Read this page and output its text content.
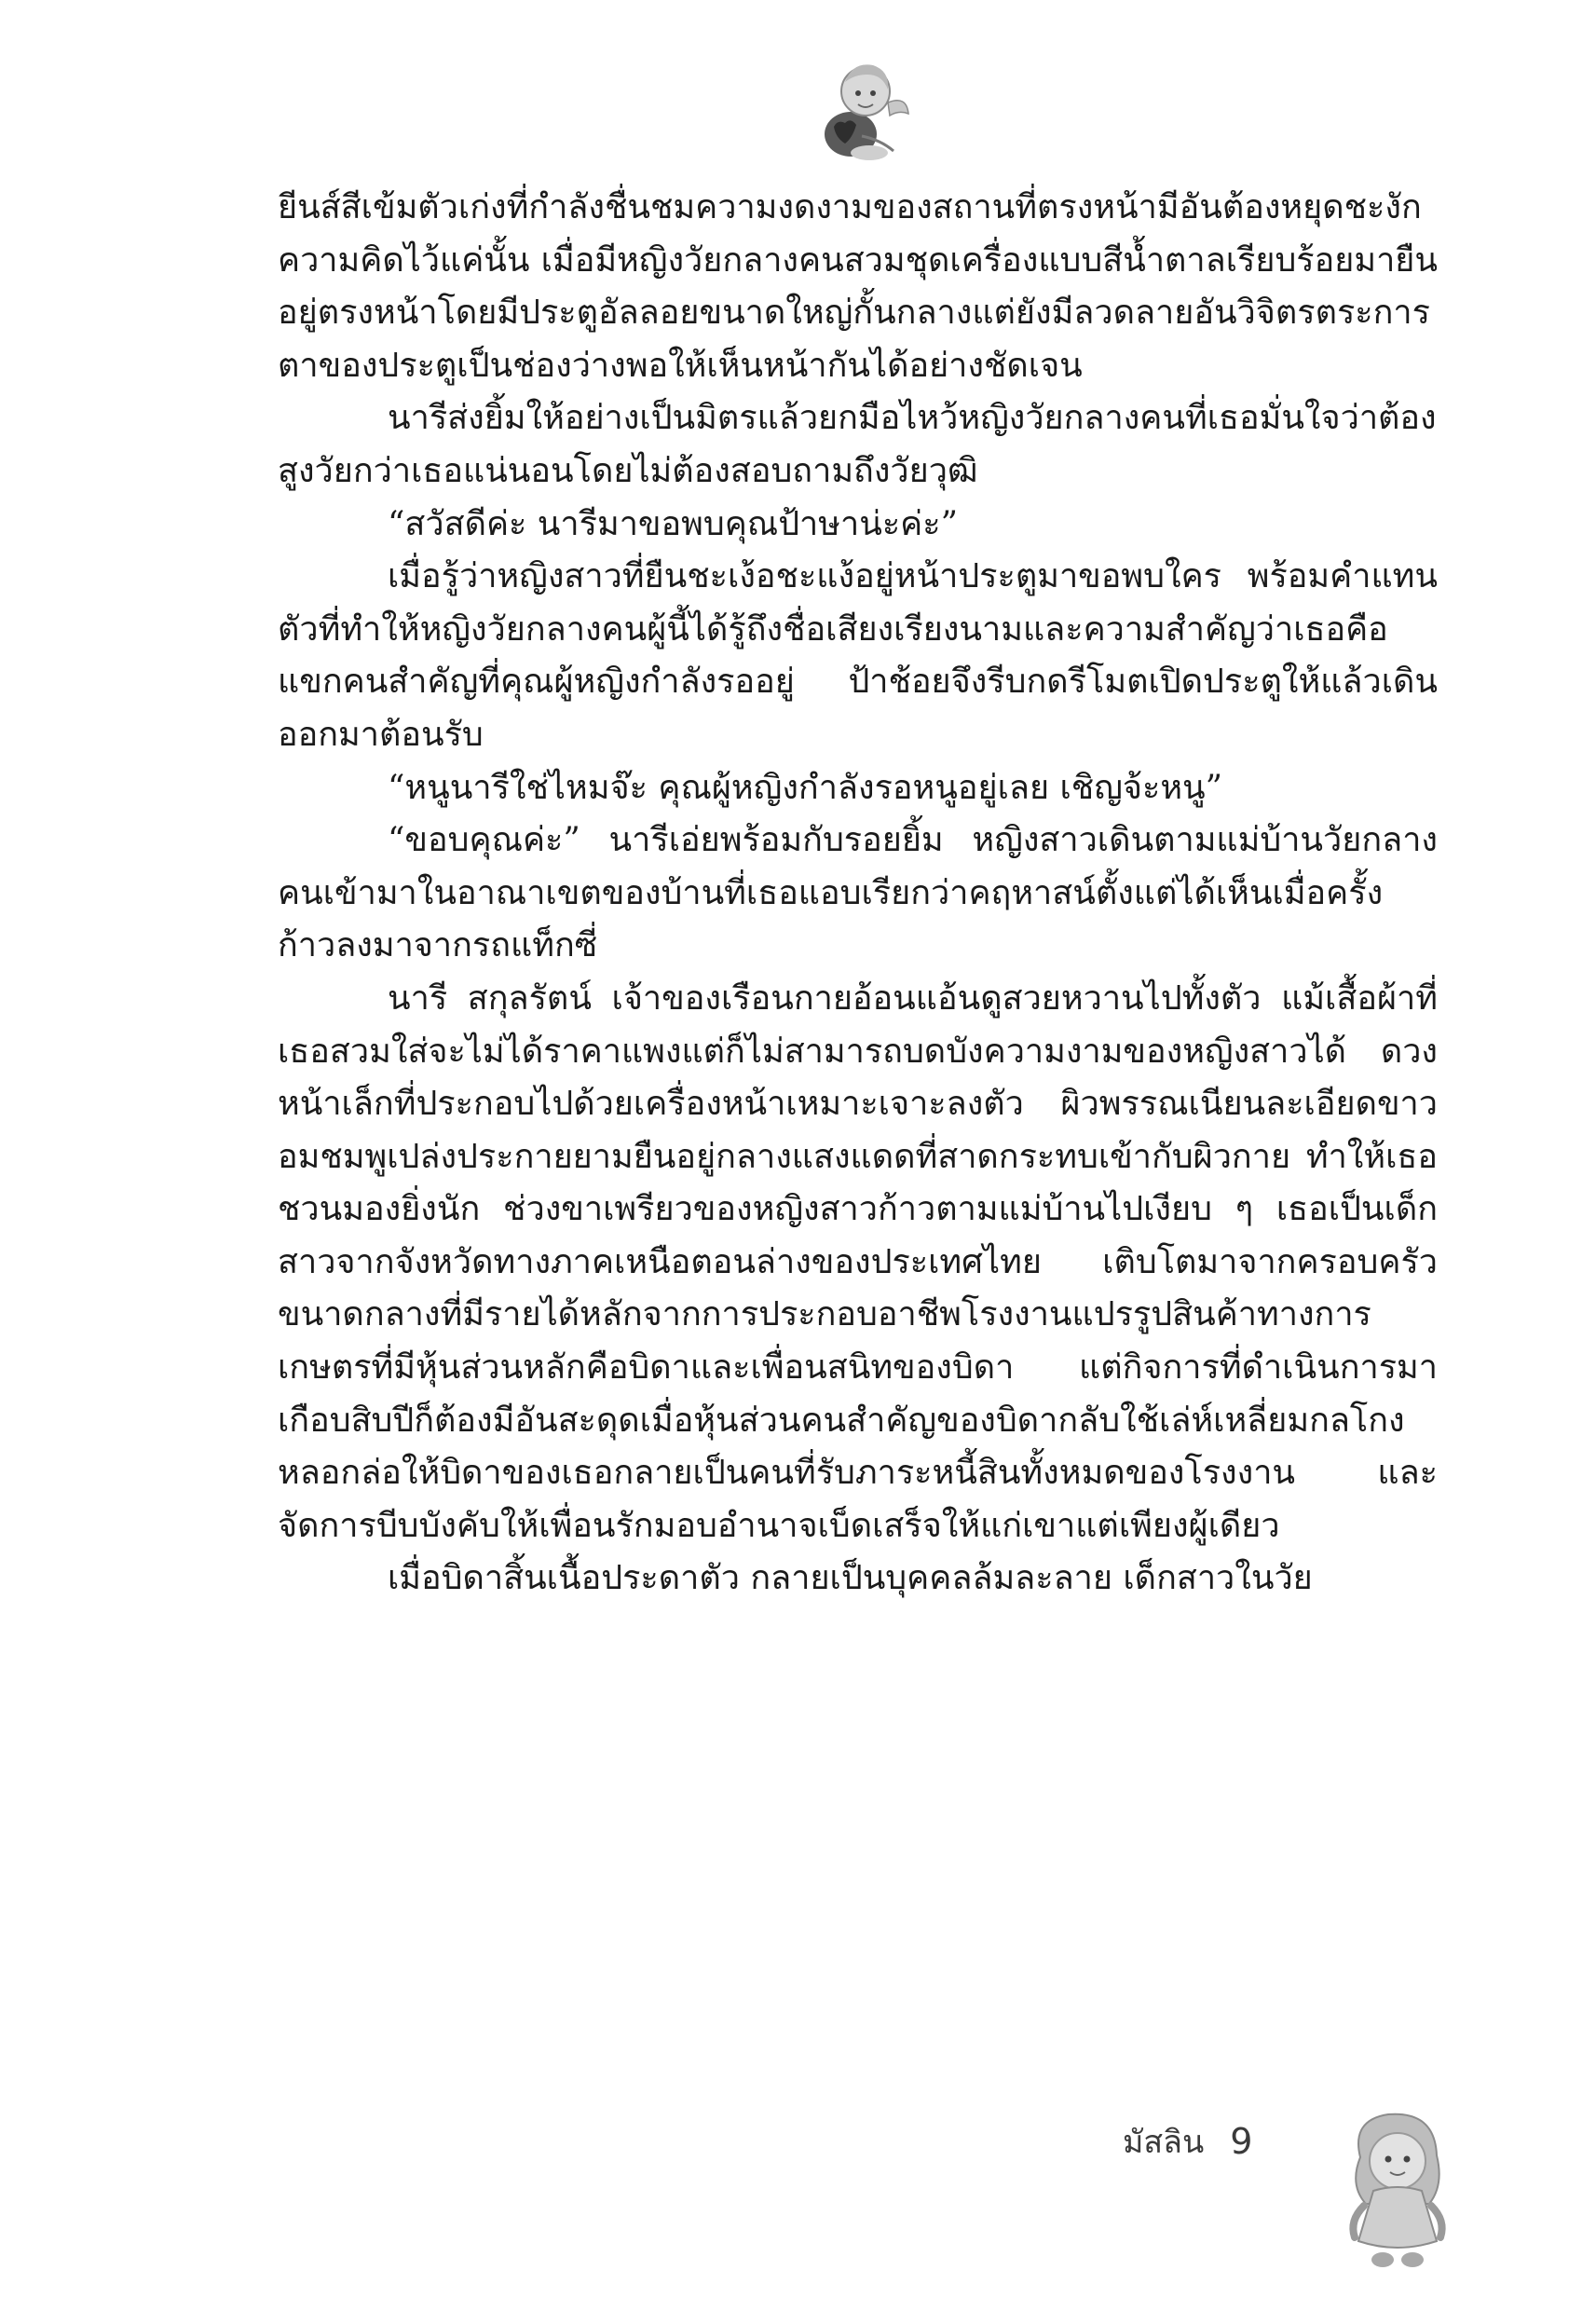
ยีนส์สีเข้มตัวเก่งที่กำลังชื่นชมความงดงามของสถานที่ตรงหน้ามีอันต้องหยุดชะงักความคิดไว้แค่นั้น เมื่อมีหญิงวัยกลางคนสวมชุดเครื่องแบบสีน้ำตาลเรียบร้อยมายืนอยู่ตรงหน้าโดยมีประตูอัลลอยขนาดใหญ่กั้นกลางแต่ยังมีลวดลายอันวิจิตรตระการตาของประตูเป็นช่องว่างพอให้เห็นหน้ากันได้อย่างชัดเจน

นารีส่งยิ้มให้อย่างเป็นมิตรแล้วยกมือไหว้หญิงวัยกลางคนที่เธอมั่นใจว่าต้องสูงวัยกว่าเธอแน่นอนโดยไม่ต้องสอบถามถึงวัยวุฒิ

“สวัสดีค่ะ นารีมาขอพบคุณป้าษาน่ะค่ะ”

เมื่อรู้ว่าหญิงสาวที่ยืนชะเง้อชะแง้อยู่หน้าประตูมาขอพบใคร พร้อมคำแทนตัวที่ทำให้หญิงวัยกลางคนผู้นี้ได้รู้ถึงชื่อเสียงเรียงนามและความสำคัญว่าเธอคือแขกคนสำคัญที่คุณผู้หญิงกำลังรออยู่ ป้าช้อยจึงรีบกดรีโมตเปิดประตูให้แล้วเดินออกมาต้อนรับ

“หนูนารีใช่ไหมจ๊ะ คุณผู้หญิงกำลังรอหนูอยู่เลย เชิญจ้ะหนู”

“ขอบคุณค่ะ” นารีเอ่ยพร้อมกับรอยยิ้ม หญิงสาวเดินตามแม่บ้านวัยกลางคนเข้ามาในอาณาเขตของบ้านที่เธอแอบเรียกว่าคฤหาสน์ตั้งแต่ได้เห็นเมื่อครั้งก้าวลงมาจากรถแท็กซี่

นารี สกุลรัตน์ เจ้าของเรือนกายอ้อนแอ้นดูสวยหวานไปทั้งตัว แม้เสื้อผ้าที่เธอสวมใส่จะไม่ได้ราคาแพงแต่ก็ไม่สามารถบดบังความงามของหญิงสาวได้ ดวงหน้าเล็กที่ประกอบไปด้วยเครื่องหน้าเหมาะเจาะลงตัว ผิวพรรณเนียนละเอียดขาวอมชมพูเปล่งประกายยามยืนอยู่กลางแสงแดดที่สาดกระทบเข้ากับผิวกาย ทำให้เธอชวนมองยิ่งนัก ช่วงขาเพรียวของหญิงสาวก้าวตามแม่บ้านไปเงียบ ๆ เธอเป็นเด็กสาวจากจังหวัดทางภาคเหนือตอนล่างของประเทศไทย เติบโตมาจากครอบครัวขนาดกลางที่มีรายได้หลักจากการประกอบอาชีพโรงงานแปรรูปสินค้าทางการเกษตรที่มีหุ้นส่วนหลักคือบิดาและเพื่อนสนิทของบิดา แต่กิจการที่ดำเนินการมาเกือบสิบปีก็ต้องมีอันสะดุดเมื่อหุ้นส่วนคนสำคัญของบิดากลับใช้เล่ห์เหลี่ยมกลโกงหลอกล่อให้บิดาของเธอกลายเป็นคนที่รับภาระหนี้สินทั้งหมดของโรงงาน และจัดการบีบบังคับให้เพื่อนรักมอบอำนาจเบ็ดเสร็จให้แก่เขาแต่เพียงผู้เดียว

เมื่อบิดาสิ้นเนื้อประดาตัว กลายเป็นบุคคลล้มละลาย เด็กสาวในวัย

มัสลิน 9
